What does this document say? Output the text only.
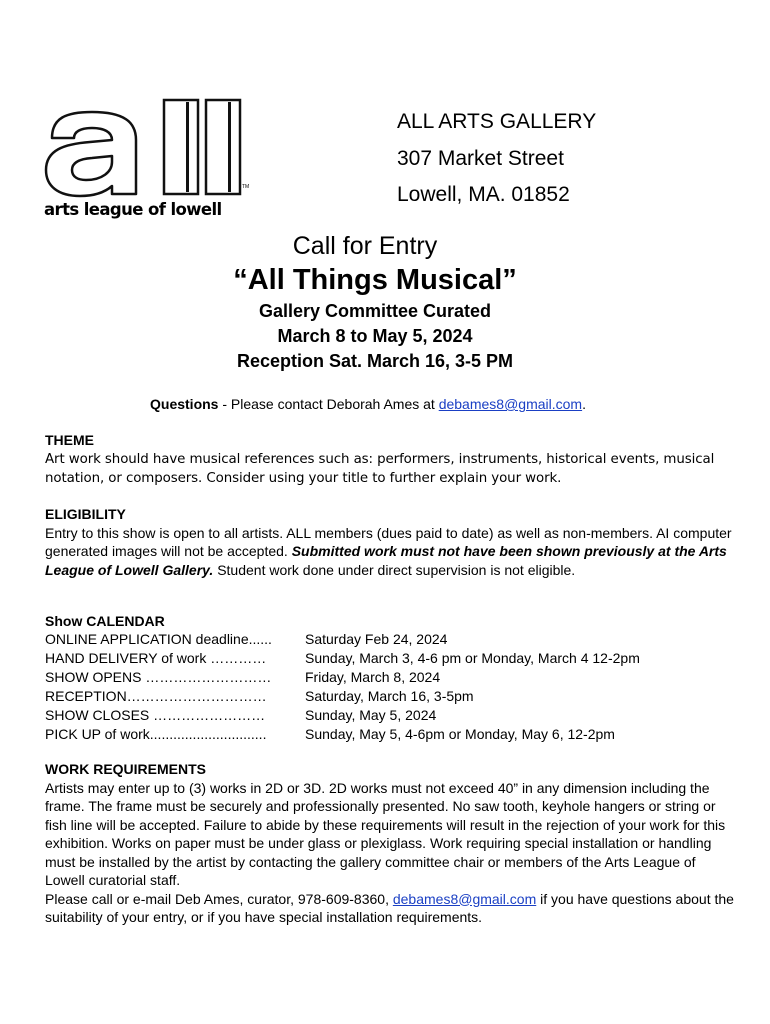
TM
arts league of lowell
ALL ARTS GALLERY
307 Market Street
Lowell, MA. 01852
Call for Entry
“All Things Musical”
Gallery Committee Curated
March 8 to May 5, 2024
Reception Sat. March 16, 3-5 PM
Questions - Please contact Deborah Ames at debames8@gmail.com.
THEME
Art work should have musical references such as: performers, instruments, historical events, musical notation, or composers. Consider using your title to further explain your work.
ELIGIBILITY
Entry to this show is open to all artists. ALL members (dues paid to date) as well as non-members. AI computer generated images will not be accepted. Submitted work must not have been shown previously at the Arts League of Lowell Gallery. Student work done under direct supervision is not eligible.
Show CALENDAR
ONLINE APPLICATION deadline...... Saturday Feb 24, 2024
HAND DELIVERY of work …………	Sunday, March 3, 4-6 pm or Monday, March 4 12-2pm
SHOW OPENS ……………………… Friday, March 8, 2024
RECEPTION…………………………	Saturday, March 16, 3-5pm
SHOW CLOSES ……………………	Sunday, May 5, 2024
PICK UP of work..............................	Sunday, May 5, 4-6pm or Monday, May 6, 12-2pm
WORK REQUIREMENTS
Artists may enter up to (3) works in 2D or 3D. 2D works must not exceed 40” in any dimension including the frame. The frame must be securely and professionally presented. No saw tooth, keyhole hangers or string or fish line will be accepted. Failure to abide by these requirements will result in the rejection of your work for this exhibition. Works on paper must be under glass or plexiglass. Work requiring special installation or handling must be installed by the artist by contacting the gallery committee chair or members of the Arts League of Lowell curatorial staff.
Please call or e-mail Deb Ames, curator, 978-609-8360, debames8@gmail.com if you have questions about the suitability of your entry, or if you have special installation requirements.
